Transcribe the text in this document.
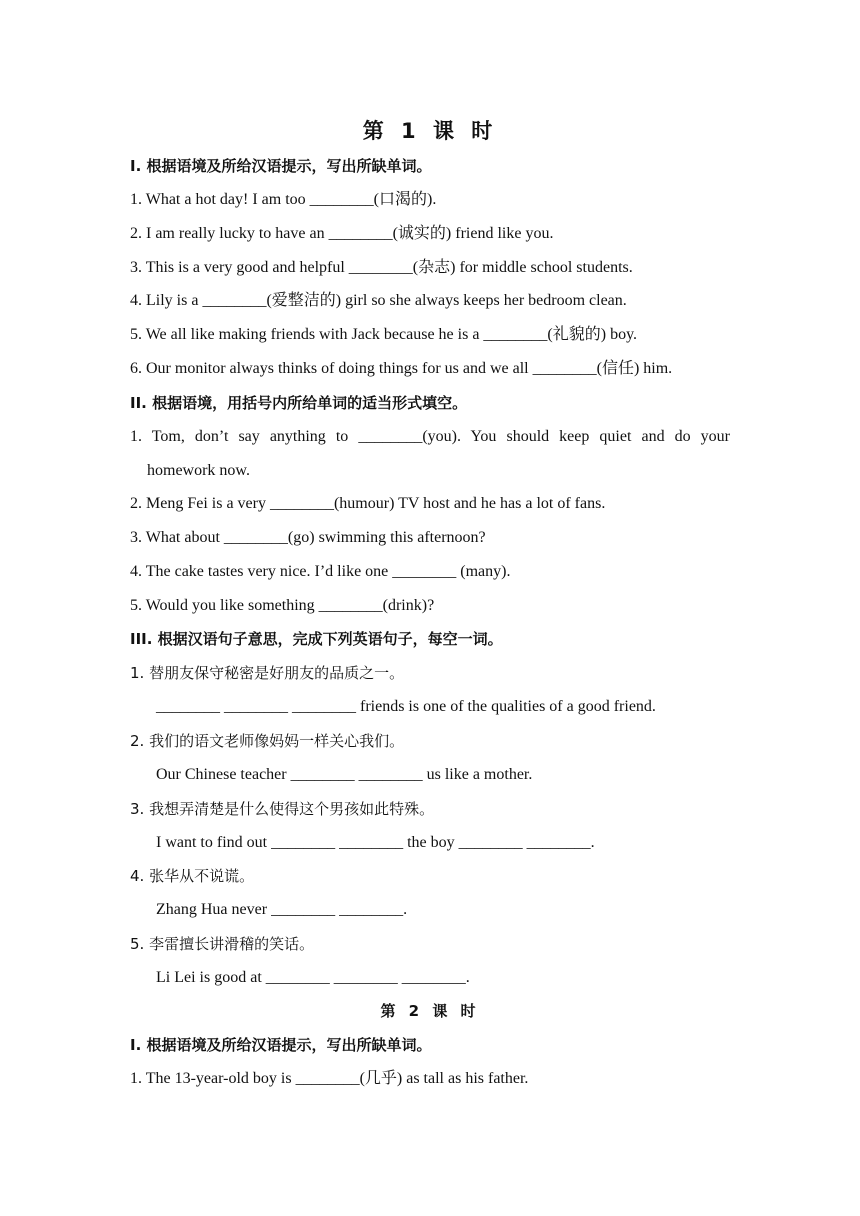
第 1 课 时
I. 根据语境及所给汉语提示，写出所缺单词。
1. What a hot day! I am too ________(口渴的).
2. I am really lucky to have an ________(诚实的) friend like you.
3. This is a very good and helpful ________(杂志) for middle school students.
4. Lily is a ________(爱整洁的) girl so she always keeps her bedroom clean.
5. We all like making friends with Jack because he is a ________(礼貌的) boy.
6. Our monitor always thinks of doing things for us and we all ________(信任) him.
II. 根据语境，用括号内所给单词的适当形式填空。
1. Tom, don’t say anything to ________(you). You should keep quiet and do your
homework now.
2. Meng Fei is a very ________(humour) TV host and he has a lot of fans.
3. What about ________(go) swimming this afternoon?
4. The cake tastes very nice. I’d like one ________ (many).
5. Would you like something ________(drink)?
III. 根据汉语句子意思，完成下列英语句子，每空一词。
1. 替朋友保守秘密是好朋友的品质之一。
________ ________ ________ friends is one of the qualities of a good friend.
2. 我们的语文老师像妈妈一样关心我们。
Our Chinese teacher ________ ________ us like a mother.
3. 我想弄清楚是什么使得这个男孩如此特殊。
I want to find out ________ ________ the boy ________ ________.
4. 张华从不说谎。
Zhang Hua never ________ ________.
5. 李雷擅长讲滑稽的笑话。
Li Lei is good at ________ ________ ________.
第 2 课 时
I. 根据语境及所给汉语提示，写出所缺单词。
1. The 13-year-old boy is ________(几乎) as tall as his father.
